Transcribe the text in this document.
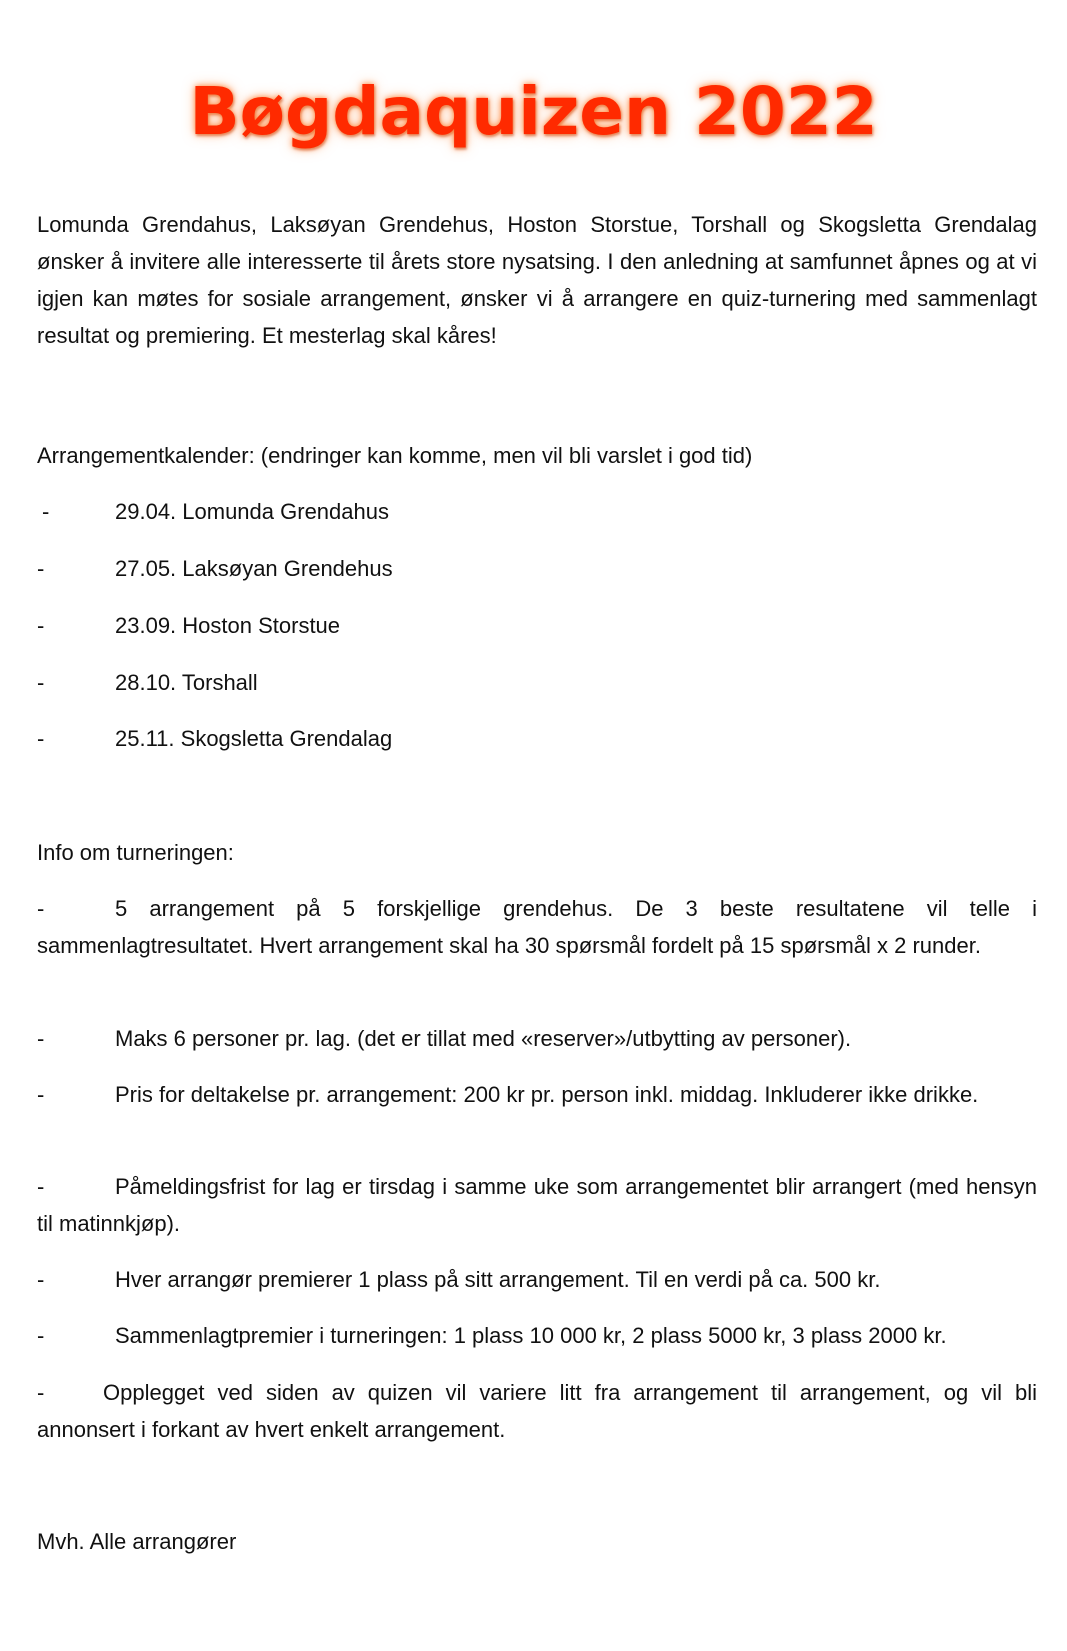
Bøgdaquizen 2022
Lomunda Grendahus, Laksøyan Grendehus, Hoston Storstue, Torshall og Skogsletta Grendalag ønsker å invitere alle interesserte til årets store nysatsing. I den anledning at samfunnet åpnes og at vi igjen kan møtes for sosiale arrangement, ønsker vi å arrangere en quiz-turnering med sammenlagt resultat og premiering. Et mesterlag skal kåres!
Arrangementkalender: (endringer kan komme, men vil bli varslet i god tid)
-	29.04. Lomunda Grendahus
-	27.05. Laksøyan Grendehus
-	23.09. Hoston Storstue
-	28.10. Torshall
-	25.11. Skogsletta Grendalag
Info om turneringen:
-	5 arrangement på 5 forskjellige grendehus. De 3 beste resultatene vil telle i sammenlagtresultatet. Hvert arrangement skal ha 30 spørsmål fordelt på 15 spørsmål x 2 runder.
-	Maks 6 personer pr. lag. (det er tillat med «reserver»/utbytting av personer).
-	Pris for deltakelse pr. arrangement: 200 kr pr. person inkl. middag. Inkluderer ikke drikke.
-	Påmeldingsfrist for lag er tirsdag i samme uke som arrangementet blir arrangert (med hensyn til matinnkjøp).
-	Hver arrangør premierer 1 plass på sitt arrangement. Til en verdi på ca. 500 kr.
-	Sammenlagtpremier i turneringen: 1 plass 10 000 kr, 2 plass 5000 kr, 3 plass 2000 kr.
-	Opplegget ved siden av quizen vil variere litt fra arrangement til arrangement, og vil bli annonsert i forkant av hvert enkelt arrangement.
Mvh. Alle arrangører
